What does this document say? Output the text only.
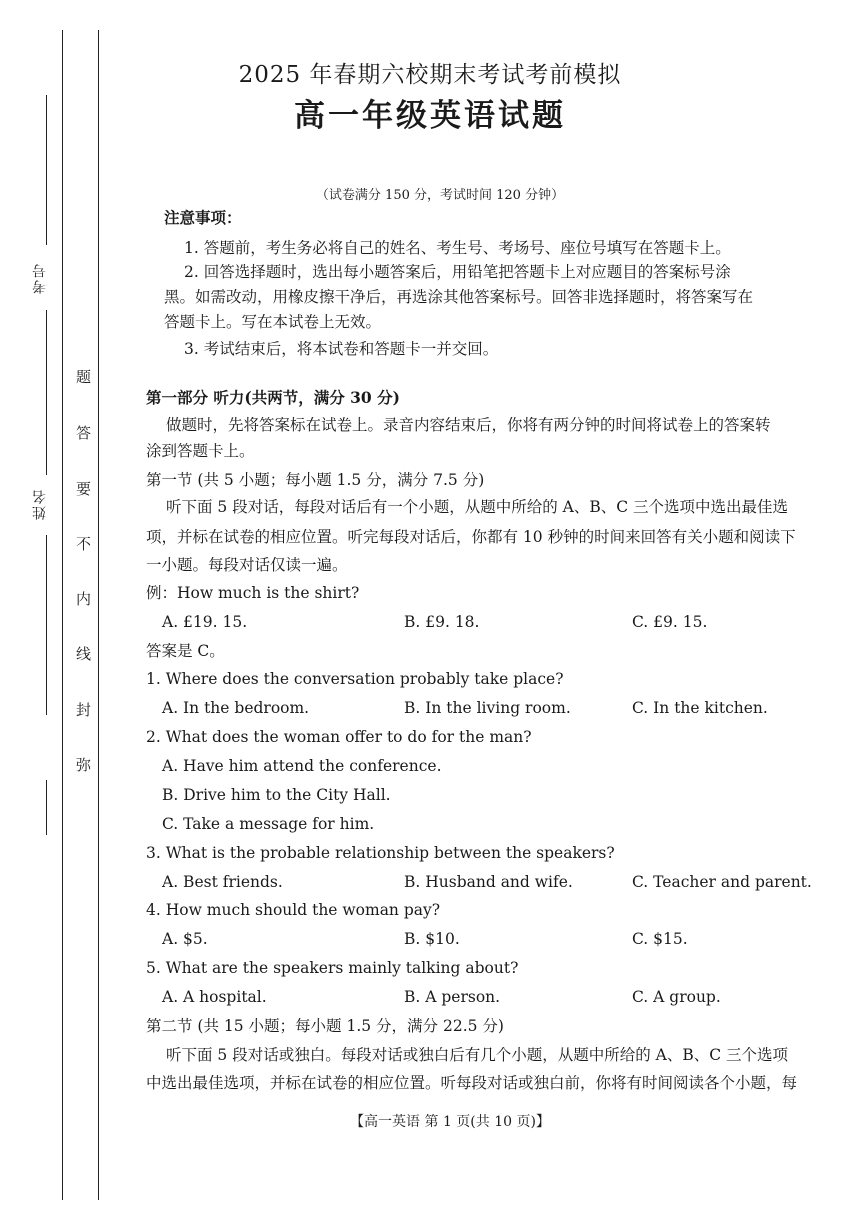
考号
姓名
题
答
要
不
内
线
封
弥
2025 年春期六校期末考试考前模拟
高一年级英语试题
（试卷满分 150 分，考试时间 120 分钟）
注意事项：
1. 答题前，考生务必将自己的姓名、考生号、考场号、座位号填写在答题卡上。
2. 回答选择题时，选出每小题答案后，用铅笔把答题卡上对应题目的答案标号涂
黑。如需改动，用橡皮擦干净后，再选涂其他答案标号。回答非选择题时，将答案写在
答题卡上。写在本试卷上无效。
3. 考试结束后，将本试卷和答题卡一并交回。
第一部分 听力(共两节，满分 30 分)
做题时，先将答案标在试卷上。录音内容结束后，你将有两分钟的时间将试卷上的答案转
涂到答题卡上。
第一节 (共 5 小题；每小题 1.5 分，满分 7.5 分)
听下面 5 段对话，每段对话后有一个小题，从题中所给的 A、B、C 三个选项中选出最佳选
项，并标在试卷的相应位置。听完每段对话后，你都有 10 秒钟的时间来回答有关小题和阅读下
一小题。每段对话仅读一遍。
例：How much is the shirt?
A. £19. 15.	B. £9. 18.	C. £9. 15.
答案是 C。
1. Where does the conversation probably take place?
A. In the bedroom.	B. In the living room.	C. In the kitchen.
2. What does the woman offer to do for the man?
A. Have him attend the conference.
B. Drive him to the City Hall.
C. Take a message for him.
3. What is the probable relationship between the speakers?
A. Best friends.	B. Husband and wife.	C. Teacher and parent.
4. How much should the woman pay?
A. $5.	B. $10.	C. $15.
5. What are the speakers mainly talking about?
A. A hospital.	B. A person.	C. A group.
第二节 (共 15 小题；每小题 1.5 分，满分 22.5 分)
听下面 5 段对话或独白。每段对话或独白后有几个小题，从题中所给的 A、B、C 三个选项
中选出最佳选项，并标在试卷的相应位置。听每段对话或独白前，你将有时间阅读各个小题，每
【高一英语 第 1 页(共 10 页)】
